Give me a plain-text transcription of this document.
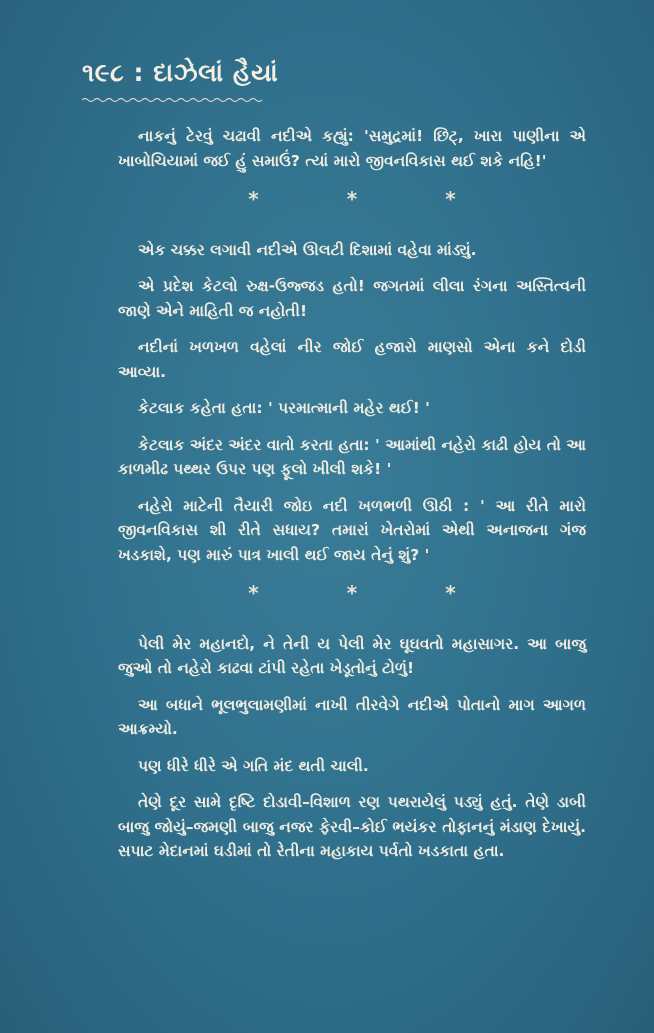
૧૯૮ : દાઝેલાં હૈયાં

નાકનું ટેરવું ચઢાવી નદીએ કહ્યું: 'સમુદ્રમાં! છિટ્, ખારા પાણીના એ ખાબોચિયામાં જઈ હું સમાઉં? ત્યાં મારો જીવનવિકાસ થઈ શકે નહિ!'

*	*	*

એક ચક્કર લગાવી નદીએ ઊલટી દિશામાં વહેવા માંડ્યું.

એ પ્રદેશ કેટલો રુક્ષ-ઉજ્જડ હતો! જગતમાં લીલા રંગના અસ્તિત્વની જાણે એને માહિતી જ નહોતી!

નદીનાં ખળખળ વહેલાં નીર જોઈ હજારો માણસો એના કને દોડી આવ્યા.

કેટલાક કહેતા હતા: ' પરમાત્માની મહેર થઈ! '

કેટલાક અંદર અંદર વાતો કરતા હતા: ' આમાંથી નહેરો કાઢી હોય તો આ કાળમીઢ પથ્થર ઉપર પણ ફૂલો ખીલી શકે! '

નહેરો માટેની તૈયારી જોઇ નદી ખળભળી ઊઠી : ' આ રીતે મારો જીવનવિકાસ શી રીતે સધાય? તમારાં ખેતરોમાં એથી અનાજના ગંજ ખડકાશે, પણ મારું પાત્ર ખાલી થઈ જાય તેનું શું? '

*	*	*

પેલી મેર મહાનદો, ને તેની ય પેલી મેર ઘૂઘવતો મહાસાગર. આ બાજુ જુઓ તો નહેરો કાઢવા ટાંપી રહેતા ખેડૂતોનું ટોળું!

આ બધાને ભૂલભુલામણીમાં નાખી તીરવેગે નદીએ પોતાનો માગ આગળ આક્રમ્યો.

પણ ધીરે ધીરે એ ગતિ મંદ થતી ચાલી.

તેણે દૂર સામે દૃષ્ટિ દોડાવી–વિશાળ રણ પથરાયેલું પડ્યું હતું. તેણે ડાબી બાજુ જોયું–જમણી બાજુ નજર ફેરવી–કોઈ ભયંકર તોફાનનું મંડાણ દેખાયું. સપાટ મેદાનમાં ઘડીમાં તો રેતીના મહાકાય પર્વતો ખડકાતા હતા.
